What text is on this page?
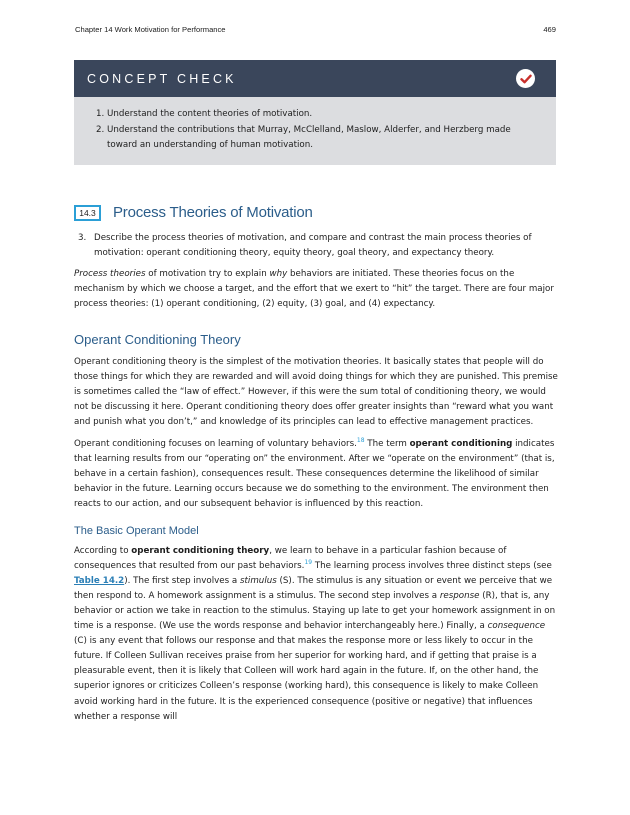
Chapter 14 Work Motivation for Performance	469
CONCEPT CHECK
1. Understand the content theories of motivation.
2. Understand the contributions that Murray, McClelland, Maslow, Alderfer, and Herzberg made toward an understanding of human motivation.
14.3	Process Theories of Motivation
3. Describe the process theories of motivation, and compare and contrast the main process theories of motivation: operant conditioning theory, equity theory, goal theory, and expectancy theory.

Process theories of motivation try to explain why behaviors are initiated. These theories focus on the mechanism by which we choose a target, and the effort that we exert to “hit” the target. There are four major process theories: (1) operant conditioning, (2) equity, (3) goal, and (4) expectancy.

Operant Conditioning Theory

Operant conditioning theory is the simplest of the motivation theories. It basically states that people will do those things for which they are rewarded and will avoid doing things for which they are punished. This premise is sometimes called the “law of effect.” However, if this were the sum total of conditioning theory, we would not be discussing it here. Operant conditioning theory does offer greater insights than “reward what you want and punish what you don’t,” and knowledge of its principles can lead to effective management practices.

Operant conditioning focuses on learning of voluntary behaviors.$^{18}$ The term operant conditioning indicates that learning results from our “operating on” the environment. After we “operate on the environment” (that is, behave in a certain fashion), consequences result. These consequences determine the likelihood of similar behavior in the future. Learning occurs because we do something to the environment. The environment then reacts to our action, and our subsequent behavior is influenced by this reaction.

The Basic Operant Model

According to operant conditioning theory, we learn to behave in a particular fashion because of consequences that resulted from our past behaviors.$^{19}$ The learning process involves three distinct steps (see Table 14.2). The first step involves a stimulus (S). The stimulus is any situation or event we perceive that we then respond to. A homework assignment is a stimulus. The second step involves a response (R), that is, any behavior or action we take in reaction to the stimulus. Staying up late to get your homework assignment in on time is a response. (We use the words response and behavior interchangeably here.) Finally, a consequence (C) is any event that follows our response and that makes the response more or less likely to occur in the future. If Colleen Sullivan receives praise from her superior for working hard, and if getting that praise is a pleasurable event, then it is likely that Colleen will work hard again in the future. If, on the other hand, the superior ignores or criticizes Colleen’s response (working hard), this consequence is likely to make Colleen avoid working hard in the future. It is the experienced consequence (positive or negative) that influences whether a response will
